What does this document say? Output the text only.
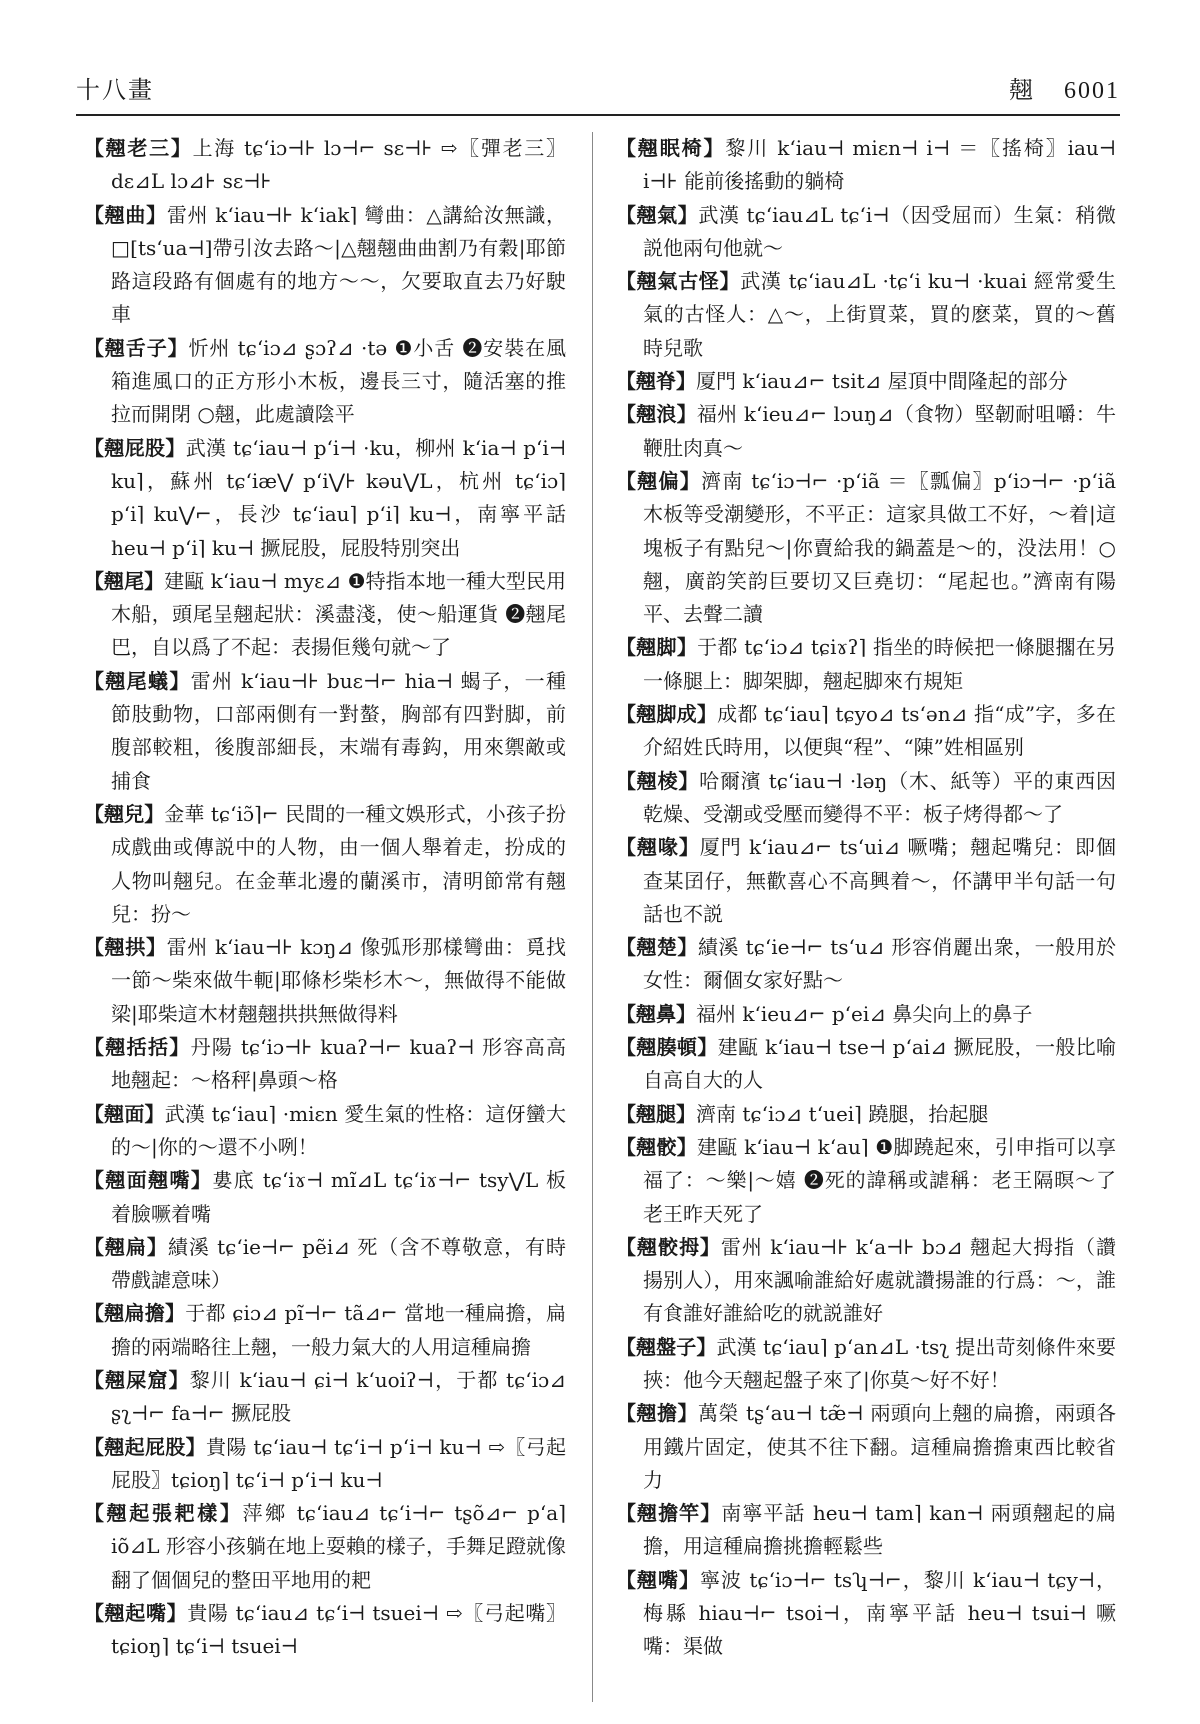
十八畫	翹 6001

【翹老三】上海 tɕʻiɔ⊣⊦ lɔ⊣⌐ sɛ⊣⊦ ⇨〖彈老三〗dɛ⊿L lɔ⊿⊦ sɛ⊣⊦

【翹曲】雷州 kʻiau⊣⊦ kʻiak⌉ 彎曲：△講給汝無識，□[tsʻua⊣]帶引汝去路～|△翹翹曲曲割乃有穀|耶節路這段路有個處有的地方～～，欠要取直去乃好駛車

【翹舌子】忻州 tɕʻiɔ⊿ ʂɔʔ⊿ ·tə ❶小舌 ❷安裝在風箱進風口的正方形小木板，邊長三寸，隨活塞的推拉而開閉 ○翹，此處讀陰平

【翹屁股】武漢 tɕʻiau⊣ pʻi⊣ ·ku，柳州 kʻia⊣ pʻi⊣ ku⌉，蘇州 tɕʻiæ⋁ pʻi⋁⊦ kəu⋁L，杭州 tɕʻiɔ⌉ pʻi⌉ ku⋁⌐，長沙 tɕʻiau⌉ pʻi⌉ ku⊣，南寧平話 heu⊣ pʻi⌉ ku⊣ 撅屁股，屁股特別突出

【翹尾】建甌 kʻiau⊣ myɛ⊿ ❶特指本地一種大型民用木船，頭尾呈翹起狀：溪盡淺，使～船運貨 ❷翹尾巴，自以爲了不起：表揚佢幾句就～了

【翹尾蟻】雷州 kʻiau⊣⊦ buɛ⊣⌐ hia⊣ 蝎子，一種節肢動物，口部兩側有一對螯，胸部有四對脚，前腹部較粗，後腹部細長，末端有毒鈎，用來禦敵或捕食

【翹兒】金華 tɕʻiɔ̃⌉⌐ 民間的一種文娛形式，小孩子扮成戲曲或傳説中的人物，由一個人舉着走，扮成的人物叫翹兒。在金華北邊的蘭溪市，清明節常有翹兒：扮～

【翹拱】雷州 kʻiau⊣⊦ kɔŋ⊿ 像弧形那樣彎曲：覓找一節～柴來做牛軛|耶條杉柴杉木～，無做得不能做梁|耶柴這木材翹翹拱拱無做得料

【翹括括】丹陽 tɕʻiɔ⊣⊦ kuaʔ⊣⌐ kuaʔ⊣ 形容高高地翹起：～格秤|鼻頭～格

【翹面】武漢 tɕʻiau⌉ ·miɛn 愛生氣的性格：這伢蠻大的～|你的～還不小咧！

【翹面翹嘴】婁底 tɕʻiɤ⊣ mĩ⊿L tɕʻiɤ⊣⌐ tsy⋁L 板着臉噘着嘴

【翹扁】績溪 tɕʻie⊣⌐ pẽi⊿ 死（含不尊敬意，有時帶戲謔意味）

【翹扁擔】于都 ɕiɔ⊿ pĩ⊣⌐ tã⊿⌐ 當地一種扁擔，扁擔的兩端略往上翹，一般力氣大的人用這種扁擔

【翹屎窟】黎川 kʻiau⊣ ɕi⊣ kʻuoiʔ⊣，于都 tɕʻiɔ⊿ ʂʅ⊣⌐ fa⊣⌐ 撅屁股

【翹起屁股】貴陽 tɕʻiau⊣ tɕʻi⊣ pʻi⊣ ku⊣ ⇨〖弓起屁股〗tɕioŋ⌉ tɕʻi⊣ pʻi⊣ ku⊣

【翹起張耙樣】萍鄉 tɕʻiau⊿ tɕʻi⊣⌐ tʂõ⊿⌐ pʻa⌉ iõ⊿L 形容小孩躺在地上耍賴的樣子，手舞足蹬就像翻了個個兒的整田平地用的耙

【翹起嘴】貴陽 tɕʻiau⊿ tɕʻi⊣ tsuei⊣ ⇨〖弓起嘴〗tɕioŋ⌉ tɕʻi⊣ tsuei⊣

【翹眠椅】黎川 kʻiau⊣ miɛn⊣ i⊣ ＝〖搖椅〗iau⊣ i⊣⊦ 能前後搖動的躺椅

【翹氣】武漢 tɕʻiau⊿L tɕʻi⊣（因受屈而）生氣：稍微説他兩句他就～

【翹氣古怪】武漢 tɕʻiau⊿L ·tɕʻi ku⊣ ·kuai 經常愛生氣的古怪人：△～，上街買菜，買的麽菜，買的～舊時兒歌

【翹脊】厦門 kʻiau⊿⌐ tsit⊿ 屋頂中間隆起的部分

【翹浪】福州 kʻieu⊿⌐ lɔuŋ⊿（食物）堅韌耐咀嚼：牛鞭肚肉真～

【翹偏】濟南 tɕʻiɔ⊣⌐ ·pʻiã ＝〖瓢偏〗pʻiɔ⊣⌐ ·pʻiã 木板等受潮變形，不平正：這家具做工不好，～着|這塊板子有點兒～|你賣給我的鍋蓋是～的，没法用！○翹，廣韵笑韵巨要切又巨堯切：“尾起也。”濟南有陽平、去聲二讀

【翹脚】于都 tɕʻiɔ⊿ tɕiɤʔ⌉ 指坐的時候把一條腿擱在另一條腿上：脚架脚，翹起脚來冇規矩

【翹脚成】成都 tɕʻiau⌉ tɕyo⊿ tsʻən⊿ 指“成”字，多在介紹姓氏時用，以便與“程”、“陳”姓相區别

【翹棱】哈爾濱 tɕʻiau⊣ ·ləŋ（木、紙等）平的東西因乾燥、受潮或受壓而變得不平：板子烤得都～了

【翹喙】厦門 kʻiau⊿⌐ tsʻui⊿ 噘嘴；翹起嘴兒：即個查某囝仔，無歡喜心不高興着～，伓講甲半句話一句話也不説

【翹楚】績溪 tɕʻie⊣⌐ tsʻu⊿ 形容俏麗出衆，一般用於女性：爾個女家好點～

【翹鼻】福州 kʻieu⊿⌐ pʻei⊿ 鼻尖向上的鼻子

【翹腠頓】建甌 kʻiau⊣ tse⊣ pʻai⊿ 撅屁股，一般比喻自高自大的人

【翹腿】濟南 tɕʻiɔ⊿ tʻuei⌉ 蹺腿，抬起腿

【翹骹】建甌 kʻiau⊣ kʻau⌉ ❶脚蹺起來，引申指可以享福了：～樂|～嬉 ❷死的諱稱或謔稱：老王隔暝～了老王昨天死了

【翹骹拇】雷州 kʻiau⊣⊦ kʻa⊣⊦ bɔ⊿ 翹起大拇指（讚揚别人），用來諷喻誰給好處就讚揚誰的行爲：～，誰有食誰好誰給吃的就説誰好

【翹盤子】武漢 tɕʻiau⌉ pʻan⊿L ·tsʅ 提出苛刻條件來要挾：他今天翹起盤子來了|你莫～好不好！

【翹擔】萬榮 tʂʻau⊣ tæ̃⊣ 兩頭向上翹的扁擔，兩頭各用鐵片固定，使其不往下翻。這種扁擔擔東西比較省力

【翹擔竿】南寧平話 heu⊣ tam⌉ kan⊣ 兩頭翹起的扁擔，用這種扁擔挑擔輕鬆些

【翹嘴】寧波 tɕʻiɔ⊣⌐ tsʮ⊣⌐，黎川 kʻiau⊣ tɕy⊣，梅縣 hiau⊣⌐ tsoi⊣，南寧平話 heu⊣ tsui⊣ 噘嘴：渠做
